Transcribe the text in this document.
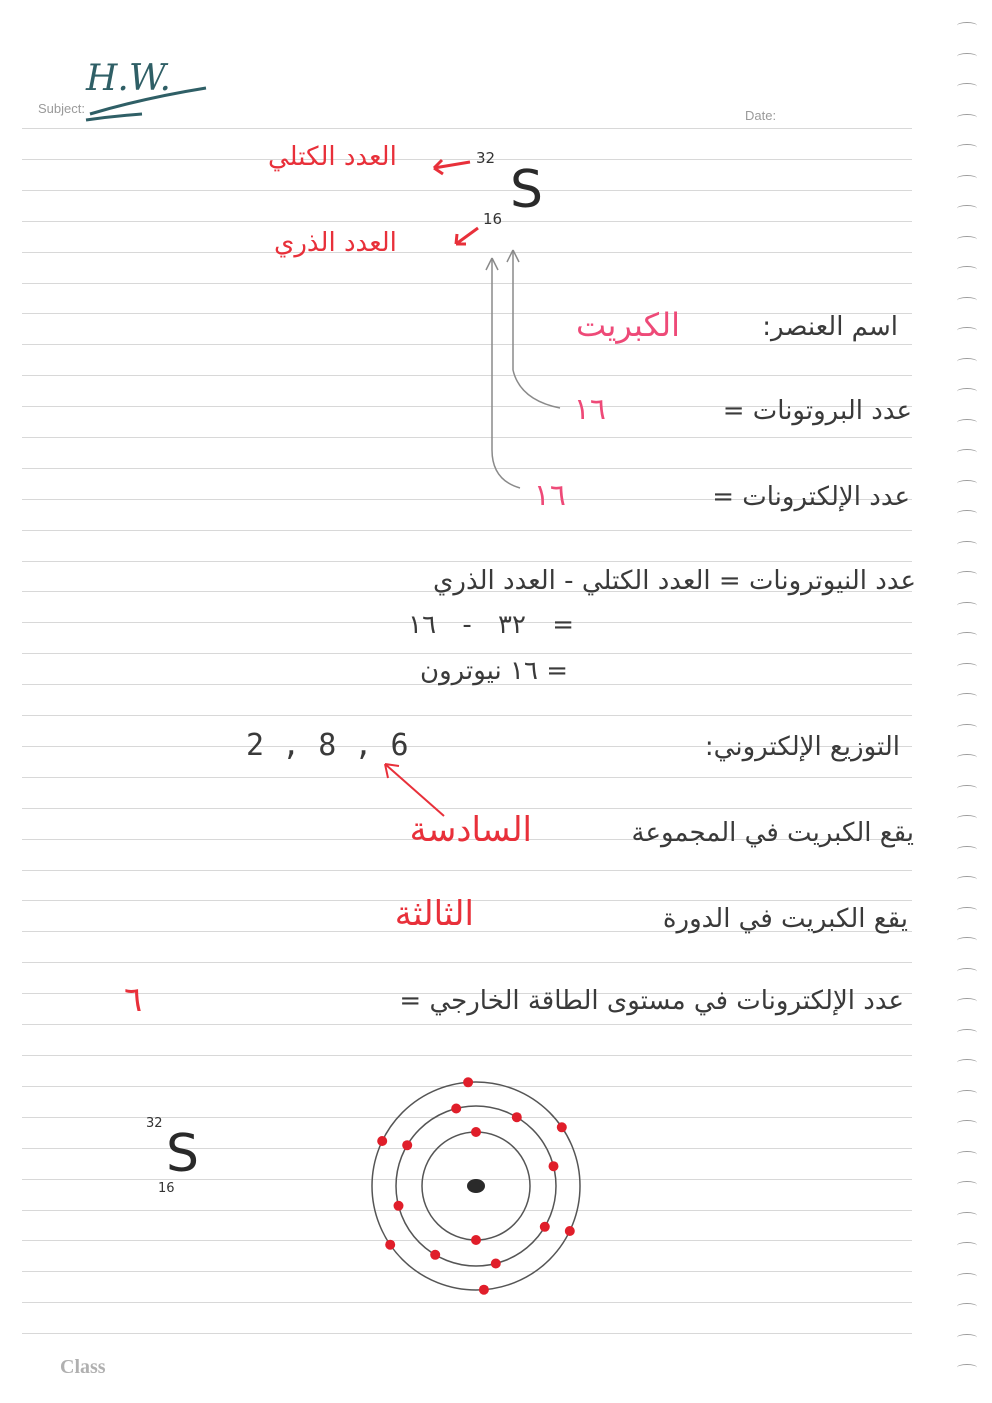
Subject:
H.W.
Date:
S
32
16
العدد الكتلي
العدد الذري
اسم العنصر:
الكبريت
عدد البروتونات =
١٦
عدد الإلكترونات =
١٦
عدد النيوترونات = العدد الكتلي - العدد الذري
= ٣٢ - ١٦
= ١٦ نيوترون
التوزيع الإلكتروني:
2 , 8 , 6
يقع الكبريت في المجموعة
السادسة
يقع الكبريت في الدورة
الثالثة
عدد الإلكترونات في مستوى الطاقة الخارجي =
٦
S
32
16
Class
